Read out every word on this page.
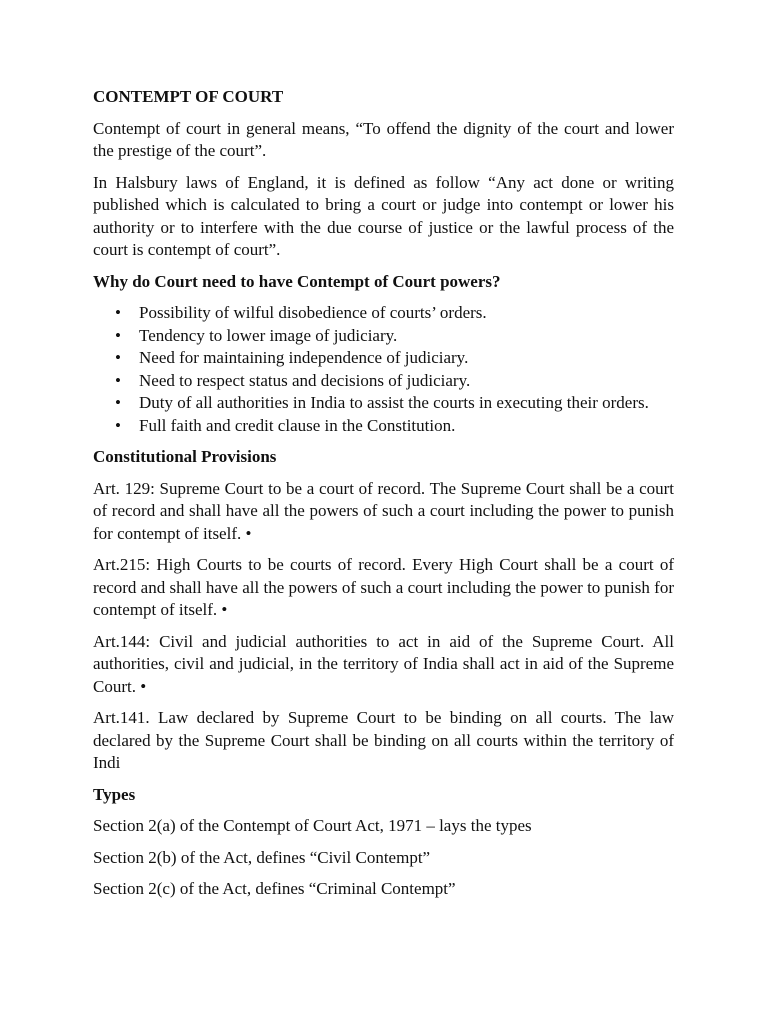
CONTEMPT OF COURT

Contempt of court in general means, “To offend the dignity of the court and lower the prestige of the court”.

In Halsbury laws of England, it is defined as follow “Any act done or writing published which is calculated to bring a court or judge into contempt or lower his authority or to interfere with the due course of justice or the lawful process of the court is contempt of court”.

Why do Court need to have Contempt of Court powers?
• Possibility of wilful disobedience of courts’ orders.
• Tendency to lower image of judiciary.
• Need for maintaining independence of judiciary.
• Need to respect status and decisions of judiciary.
• Duty of all authorities in India to assist the courts in executing their orders.
• Full faith and credit clause in the Constitution.
Constitutional Provisions

Art. 129: Supreme Court to be a court of record. The Supreme Court shall be a court of record and shall have all the powers of such a court including the power to punish for contempt of itself. •

Art.215: High Courts to be courts of record. Every High Court shall be a court of record and shall have all the powers of such a court including the power to punish for contempt of itself. •

Art.144: Civil and judicial authorities to act in aid of the Supreme Court. All authorities, civil and judicial, in the territory of India shall act in aid of the Supreme Court. •

Art.141. Law declared by Supreme Court to be binding on all courts. The law declared by the Supreme Court shall be binding on all courts within the territory of Indi

Types

Section 2(a) of the Contempt of Court Act, 1971 – lays the types

Section 2(b) of the Act, defines “Civil Contempt”

Section 2(c) of the Act, defines “Criminal Contempt”
